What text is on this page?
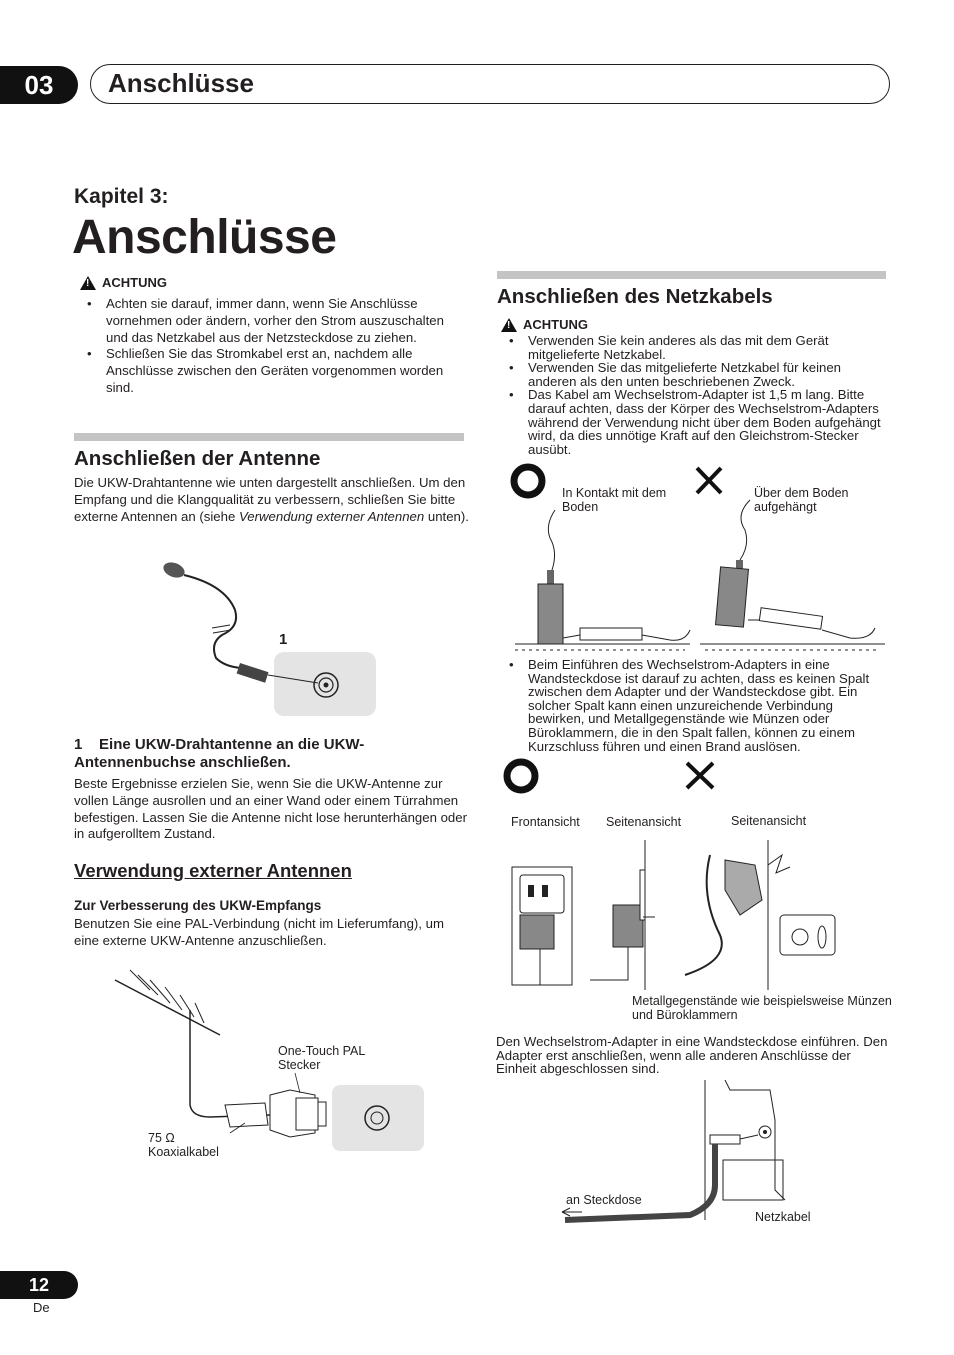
03	Anschlüsse
Kapitel 3:
Anschlüsse
!
ACHTUNG
• Achten sie darauf, immer dann, wenn Sie Anschlüsse vornehmen oder ändern, vorher den Strom auszuschalten und das Netzkabel aus der Netzsteckdose zu ziehen.
• Schließen Sie das Stromkabel erst an, nachdem alle Anschlüsse zwischen den Geräten vorgenommen worden sind.
Anschließen der Antenne
Die UKW-Drahtantenne wie unten dargestellt anschließen. Um den Empfang und die Klangqualität zu verbessern, schließen Sie bitte externe Antennen an (siehe Verwendung externer Antennen unten).
1
1 Eine UKW-Drahtantenne an die UKW-Antennenbuchse anschließen.
Beste Ergebnisse erzielen Sie, wenn Sie die UKW-Antenne zur vollen Länge ausrollen und an einer Wand oder einem Türrahmen befestigen. Lassen Sie die Antenne nicht lose herunterhängen oder in aufgerolltem Zustand.
Verwendung externer Antennen
Zur Verbesserung des UKW-Empfangs
Benutzen Sie eine PAL-Verbindung (nicht im Lieferumfang), um eine externe UKW-Antenne anzuschließen.
One-Touch PAL Stecker
75 Ω
Koaxialkabel
Anschließen des Netzkabels
!
ACHTUNG
• Verwenden Sie kein anderes als das mit dem Gerät mitgelieferte Netzkabel.
• Verwenden Sie das mitgelieferte Netzkabel für keinen anderen als den unten beschriebenen Zweck.
• Das Kabel am Wechselstrom-Adapter ist 1,5 m lang. Bitte darauf achten, dass der Körper des Wechselstrom-Adapters während der Verwendung nicht über dem Boden aufgehängt wird, da dies unnötige Kraft auf den Gleichstrom-Stecker ausübt.
In Kontakt mit dem Boden
Über dem Boden aufgehängt
• Beim Einführen des Wechselstrom-Adapters in eine Wandsteckdose ist darauf zu achten, dass es keinen Spalt zwischen dem Adapter und der Wandsteckdose gibt. Ein solcher Spalt kann einen unzureichende Verbindung bewirken, und Metallgegenstände wie Münzen oder Büroklammern, die in den Spalt fallen, können zu einem Kurzschluss führen und einen Brand auslösen.
Frontansicht Seitenansicht	Seitenansicht
Metallgegenstände wie beispielsweise Münzen und Büroklammern
Den Wechselstrom-Adapter in eine Wandsteckdose einführen. Den Adapter erst anschließen, wenn alle anderen Anschlüsse der Einheit abgeschlossen sind.
an Steckdose
Netzkabel
12
De
